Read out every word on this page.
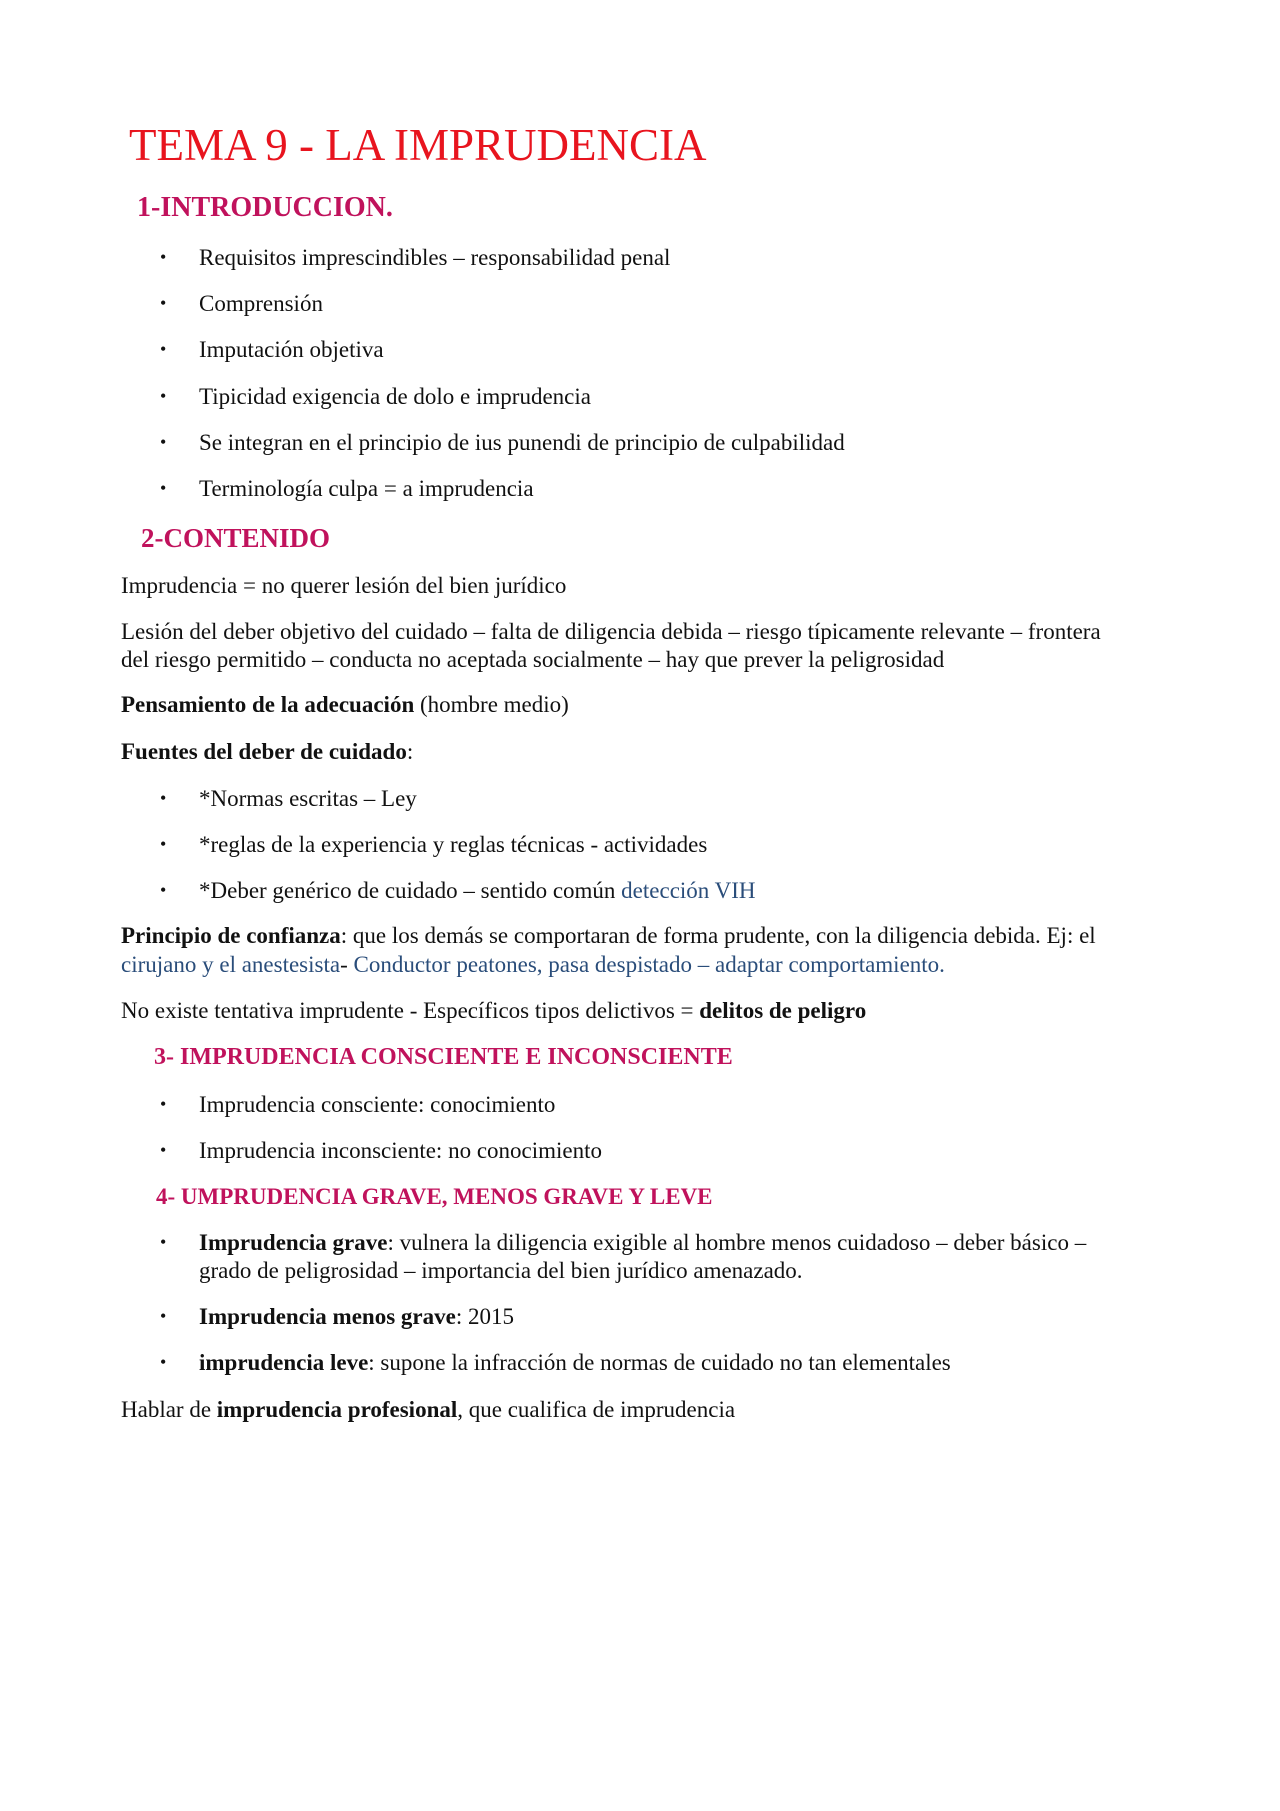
TEMA 9 - LA IMPRUDENCIA
1-INTRODUCCION.
• Requisitos imprescindibles – responsabilidad penal
• Comprensión
• Imputación objetiva
• Tipicidad exigencia de dolo e imprudencia
• Se integran en el principio de ius punendi de principio de culpabilidad
• Terminología culpa = a imprudencia
2-CONTENIDO
Imprudencia = no querer lesión del bien jurídico
Lesión del deber objetivo del cuidado – falta de diligencia debida – riesgo típicamente relevante – frontera
del riesgo permitido – conducta no aceptada socialmente – hay que prever la peligrosidad
Pensamiento de la adecuación (hombre medio)
Fuentes del deber de cuidado:
• *Normas escritas – Ley
• *reglas de la experiencia y reglas técnicas - actividades
• *Deber genérico de cuidado – sentido común detección VIH
Principio de confianza: que los demás se comportaran de forma prudente, con la diligencia debida. Ej: el
cirujano y el anestesista- Conductor peatones, pasa despistado – adaptar comportamiento.
No existe tentativa imprudente - Específicos tipos delictivos = delitos de peligro
3- IMPRUDENCIA CONSCIENTE E INCONSCIENTE
• Imprudencia consciente: conocimiento
• Imprudencia inconsciente: no conocimiento
4- UMPRUDENCIA GRAVE, MENOS GRAVE Y LEVE
• Imprudencia grave: vulnera la diligencia exigible al hombre menos cuidadoso – deber básico –
grado de peligrosidad – importancia del bien jurídico amenazado.
• Imprudencia menos grave: 2015
• imprudencia leve: supone la infracción de normas de cuidado no tan elementales
Hablar de imprudencia profesional, que cualifica de imprudencia
